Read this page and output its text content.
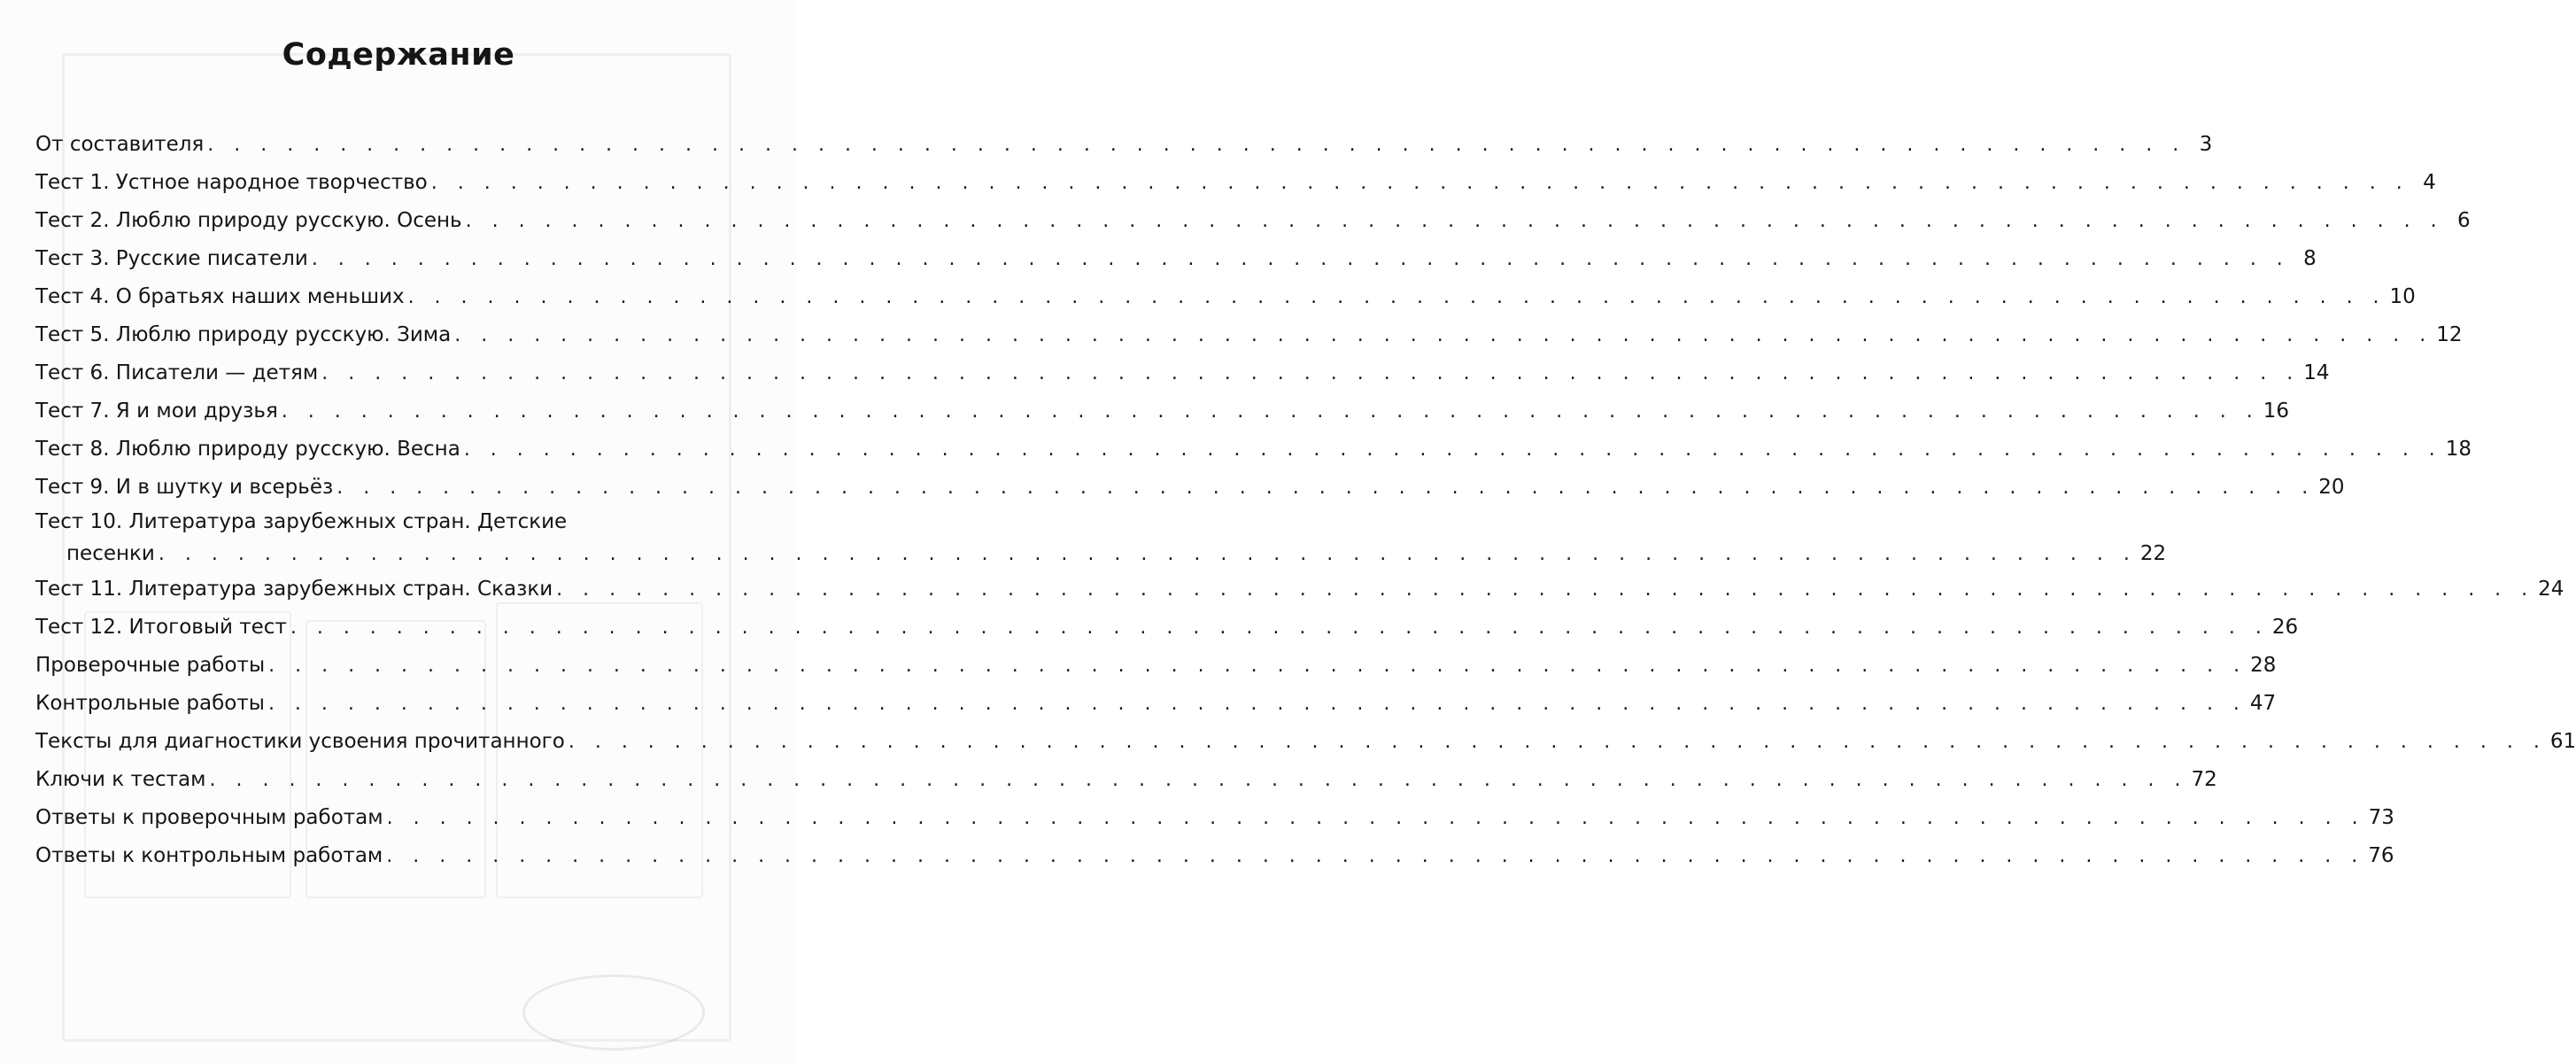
Содержание
От составителя . . . . . . . . . . . . . . . . . . . . . . . . . . . . . . . . . . . . . . . . . . . . . . . . . . . . . . . . . . . . . . . . . . . . . . . . . . . 3
Тест 1. Устное народное творчество . . . . . . . . . . . . . . . . . . . . . . . . . . . . . . . . . . . . . . . . . . . . . . . . . . . . . . . . . . . . . . . . . . . . . . . . . . . 4
Тест 2. Люблю природу русскую. Осень . . . . . . . . . . . . . . . . . . . . . . . . . . . . . . . . . . . . . . . . . . . . . . . . . . . . . . . . . . . . . . . . . . . . . . . . . . . 6
Тест 3. Русские писатели . . . . . . . . . . . . . . . . . . . . . . . . . . . . . . . . . . . . . . . . . . . . . . . . . . . . . . . . . . . . . . . . . . . . . . . . . . . 8
Тест 4. О братьях наших меньших . . . . . . . . . . . . . . . . . . . . . . . . . . . . . . . . . . . . . . . . . . . . . . . . . . . . . . . . . . . . . . . . . . . . . . . . . . . 10
Тест 5. Люблю природу русскую. Зима . . . . . . . . . . . . . . . . . . . . . . . . . . . . . . . . . . . . . . . . . . . . . . . . . . . . . . . . . . . . . . . . . . . . . . . . . . . 12
Тест 6. Писатели — детям . . . . . . . . . . . . . . . . . . . . . . . . . . . . . . . . . . . . . . . . . . . . . . . . . . . . . . . . . . . . . . . . . . . . . . . . . . . 14
Тест 7. Я и мои друзья . . . . . . . . . . . . . . . . . . . . . . . . . . . . . . . . . . . . . . . . . . . . . . . . . . . . . . . . . . . . . . . . . . . . . . . . . . . 16
Тест 8. Люблю природу русскую. Весна . . . . . . . . . . . . . . . . . . . . . . . . . . . . . . . . . . . . . . . . . . . . . . . . . . . . . . . . . . . . . . . . . . . . . . . . . . . 18
Тест 9. И в шутку и всерьёз . . . . . . . . . . . . . . . . . . . . . . . . . . . . . . . . . . . . . . . . . . . . . . . . . . . . . . . . . . . . . . . . . . . . . . . . . . . 20
Тест 10. Литература зарубежных стран. Детские
песенки . . . . . . . . . . . . . . . . . . . . . . . . . . . . . . . . . . . . . . . . . . . . . . . . . . . . . . . . . . . . . . . . . . . . . . . . . . . 22
Тест 11. Литература зарубежных стран. Сказки . . . . . . . . . . . . . . . . . . . . . . . . . . . . . . . . . . . . . . . . . . . . . . . . . . . . . . . . . . . . . . . . . . . . . . . . . . . 24
Тест 12. Итоговый тест . . . . . . . . . . . . . . . . . . . . . . . . . . . . . . . . . . . . . . . . . . . . . . . . . . . . . . . . . . . . . . . . . . . . . . . . . . . 26
Проверочные работы . . . . . . . . . . . . . . . . . . . . . . . . . . . . . . . . . . . . . . . . . . . . . . . . . . . . . . . . . . . . . . . . . . . . . . . . . . . 28
Контрольные работы . . . . . . . . . . . . . . . . . . . . . . . . . . . . . . . . . . . . . . . . . . . . . . . . . . . . . . . . . . . . . . . . . . . . . . . . . . . 47
Тексты для диагностики усвоения прочитанного . . . . . . . . . . . . . . . . . . . . . . . . . . . . . . . . . . . . . . . . . . . . . . . . . . . . . . . . . . . . . . . . . . . . . . . . . . . 61
Ключи к тестам . . . . . . . . . . . . . . . . . . . . . . . . . . . . . . . . . . . . . . . . . . . . . . . . . . . . . . . . . . . . . . . . . . . . . . . . . . . 72
Ответы к проверочным работам . . . . . . . . . . . . . . . . . . . . . . . . . . . . . . . . . . . . . . . . . . . . . . . . . . . . . . . . . . . . . . . . . . . . . . . . . . . 73
Ответы к контрольным работам . . . . . . . . . . . . . . . . . . . . . . . . . . . . . . . . . . . . . . . . . . . . . . . . . . . . . . . . . . . . . . . . . . . . . . . . . . . 76
